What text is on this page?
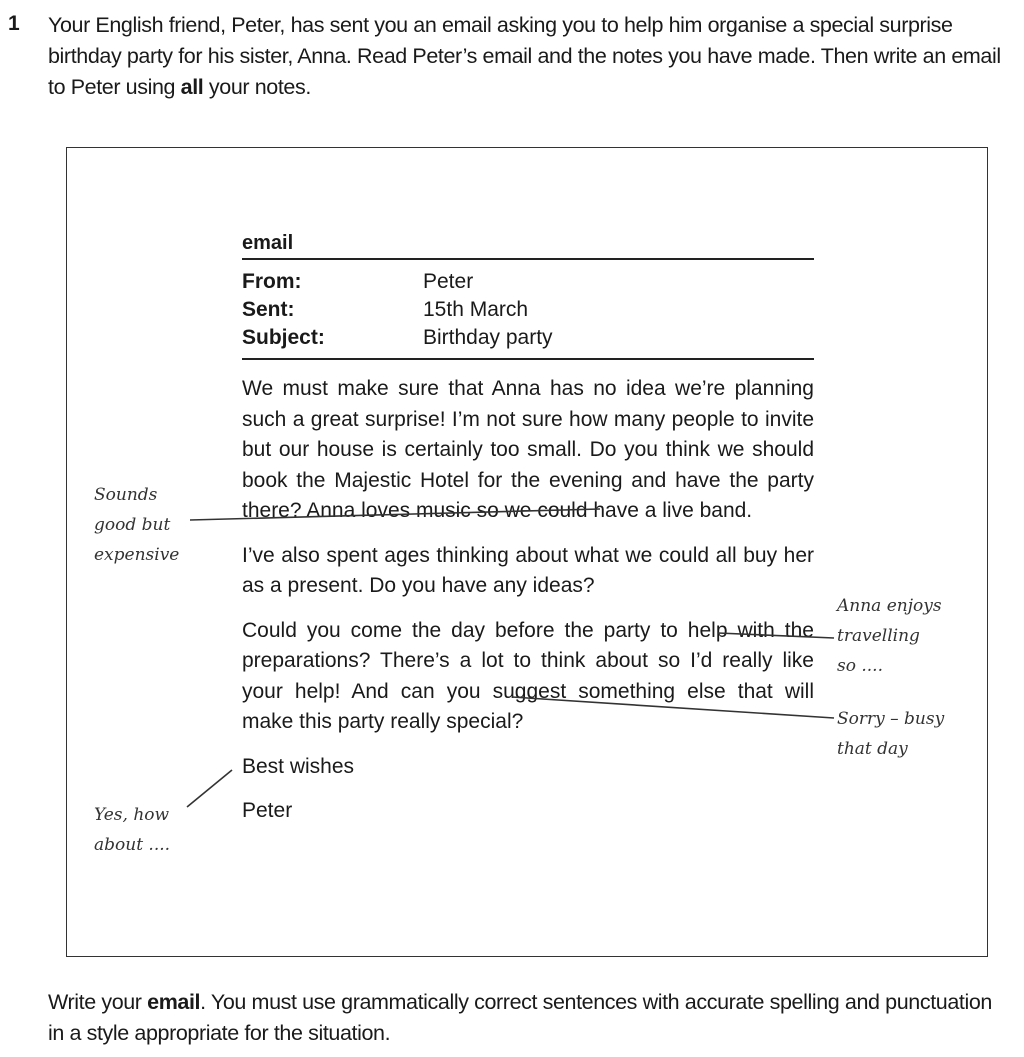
1 Your English friend, Peter, has sent you an email asking you to help him organise a special surprise birthday party for his sister, Anna. Read Peter’s email and the notes you have made. Then write an email to Peter using all your notes.
email
From:	Peter
Sent:	15th March
Subject:	Birthday party

We must make sure that Anna has no idea we’re planning such a great surprise! I’m not sure how many people to invite but our house is certainly too small. Do you think we should book the Majestic Hotel for the evening and have the party there? Anna loves music so we could have a live band.

I’ve also spent ages thinking about what we could all buy her as a present. Do you have any ideas?

Could you come the day before the party to help with the preparations? There’s a lot to think about so I’d really like your help! And can you suggest something else that will make this party really special?

Best wishes

Peter

Sounds
good but
expensive
Anna enjoys
travelling
so ....
Sorry – busy
that day
Yes, how
about ....
Write your email. You must use grammatically correct sentences with accurate spelling and punctuation in a style appropriate for the situation.
